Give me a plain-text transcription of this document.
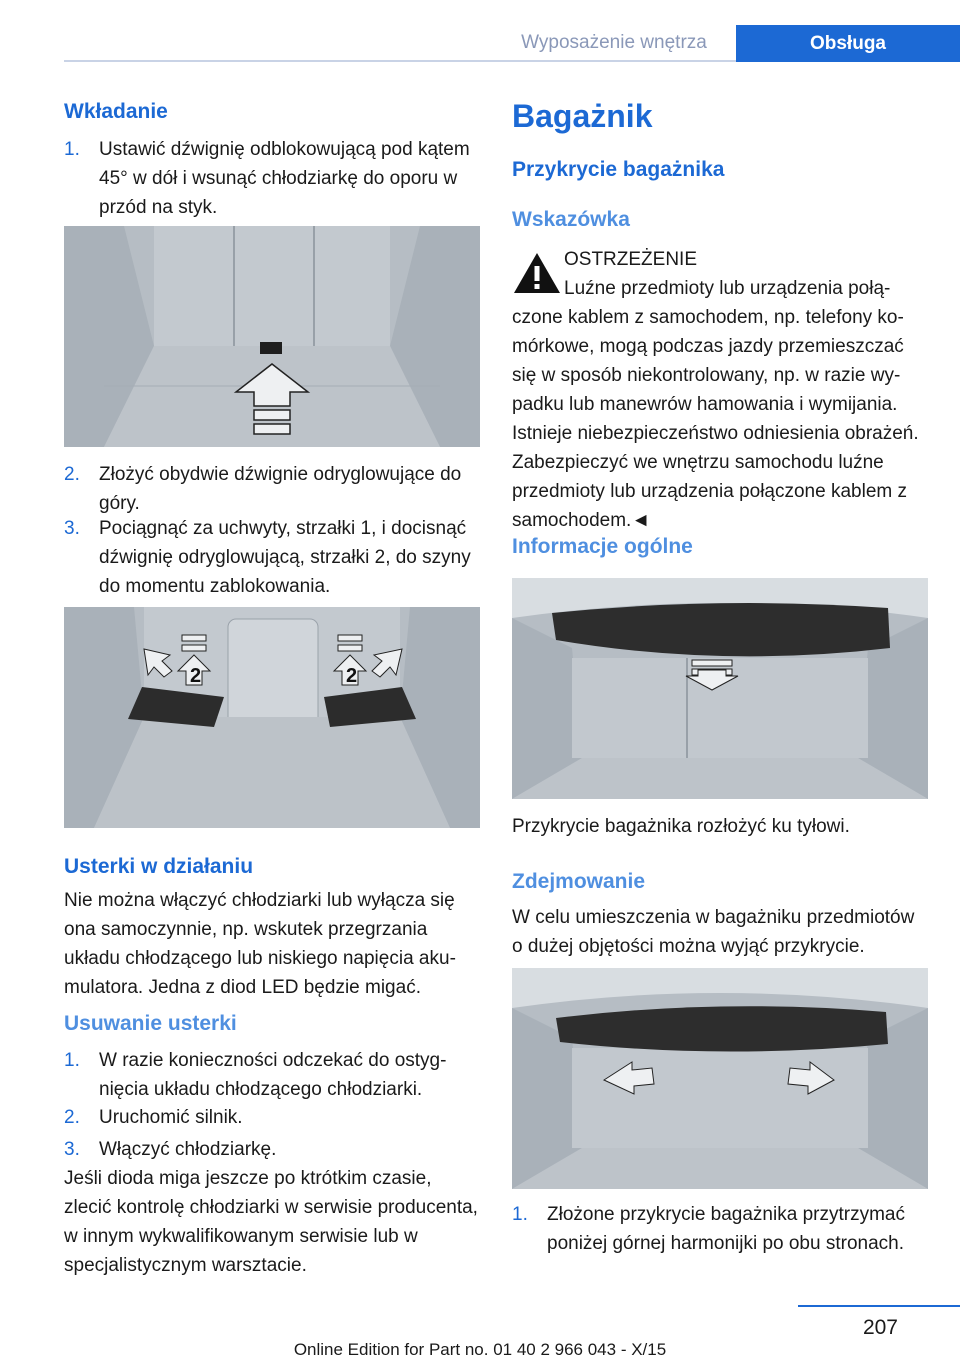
Wyposażenie wnętrza	Obsługa
Wkładanie
1. Ustawić dźwignię odblokowującą pod kątem 45° w dół i wsunąć chłodziarkę do oporu w przód na styk.
2. Złożyć obydwie dźwignie odryglowujące do góry.
3. Pociągnąć za uchwyty, strzałki 1, i docisnąć dźwignię odryglowującą, strzałki 2, do szyny do momentu zablokowania.
2	2
Usterki w działaniu
Nie można włączyć chłodziarki lub wyłącza się ona samoczynnie, np. wskutek przegrzania układu chłodzącego lub niskiego napięcia akumulatora. Jedna z diod LED będzie migać.
Usuwanie usterki
1. W razie konieczności odczekać do ostygnięcia układu chłodzącego chłodziarki.
2. Uruchomić silnik.
3. Włączyć chłodziarkę.
Jeśli dioda miga jeszcze po ktrótkim czasie, zlecić kontrolę chłodziarki w serwisie producenta, w innym wykwalifikowanym serwisie lub w specjalistycznym warsztacie.
Bagażnik
Przykrycie bagażnika
Wskazówka
OSTRZEŻENIE
Luźne przedmioty lub urządzenia połączone kablem z samochodem, np. telefony komórkowe, mogą podczas jazdy przemieszczać się w sposób niekontrolowany, np. w razie wypadku lub manewrów hamowania i wymijania. Istnieje niebezpieczeństwo odniesienia obrażeń. Zabezpieczyć we wnętrzu samochodu luźne przedmioty lub urządzenia połączone kablem z samochodem.◄
Informacje ogólne
Przykrycie bagażnika rozłożyć ku tyłowi.
Zdejmowanie
W celu umieszczenia w bagażniku przedmiotów o dużej objętości można wyjąć przykrycie.
1. Złożone przykrycie bagażnika przytrzymać poniżej górnej harmonijki po obu stronach.
207
Online Edition for Part no. 01 40 2 966 043 - X/15
